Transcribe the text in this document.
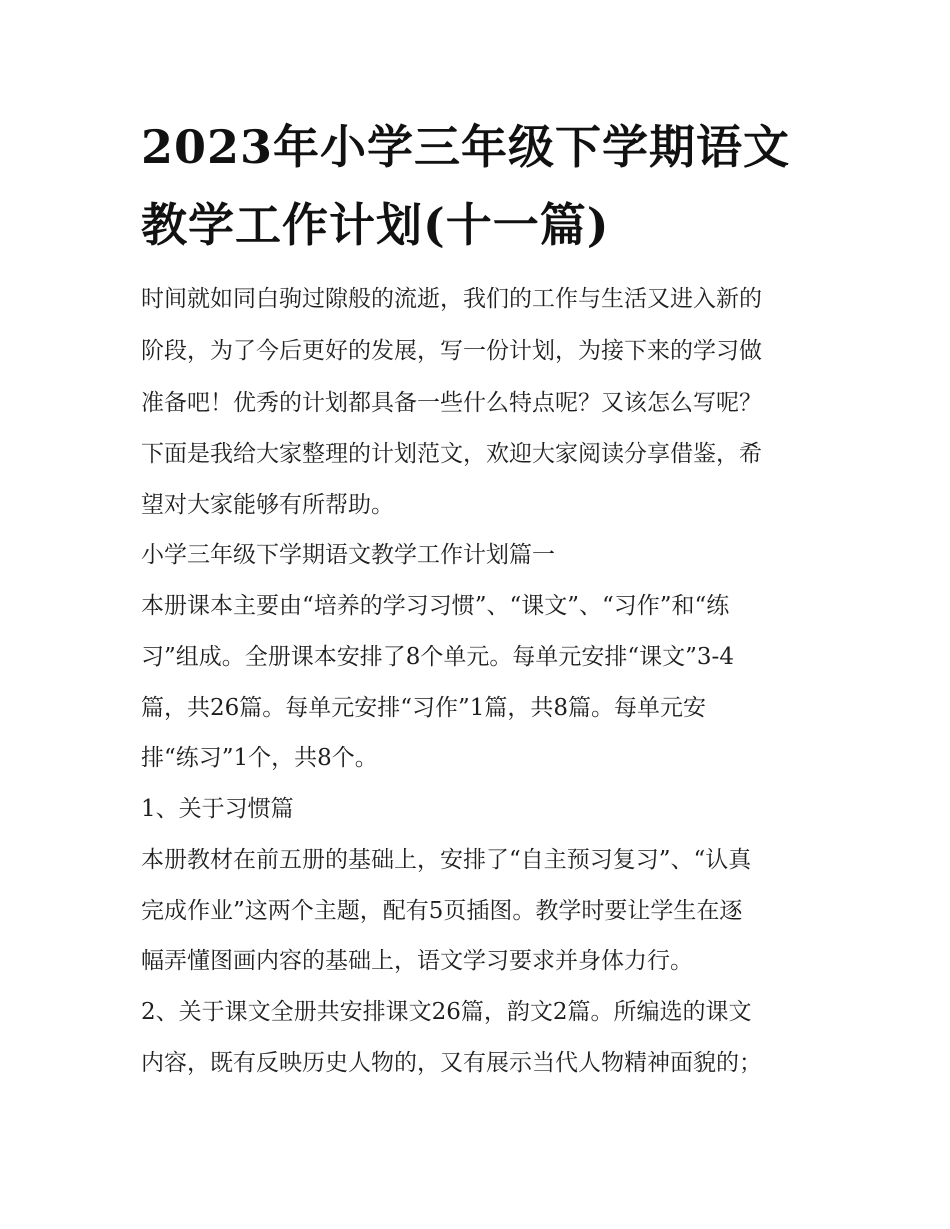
2023年小学三年级下学期语文
教学工作计划(十一篇)

时间就如同白驹过隙般的流逝，我们的工作与生活又进入新的

阶段，为了今后更好的发展，写一份计划，为接下来的学习做

准备吧！优秀的计划都具备一些什么特点呢？又该怎么写呢？

下面是我给大家整理的计划范文，欢迎大家阅读分享借鉴，希

望对大家能够有所帮助。

小学三年级下学期语文教学工作计划篇一

本册课本主要由“培养的学习习惯”、“课文”、“习作”和“练

习”组成。全册课本安排了8个单元。每单元安排“课文”3-4

篇，共26篇。每单元安排“习作”1篇，共8篇。每单元安

排“练习”1个，共8个。

1、关于习惯篇

本册教材在前五册的基础上，安排了“自主预习复习”、“认真

完成作业”这两个主题，配有5页插图。教学时要让学生在逐

幅弄懂图画内容的基础上，语文学习要求并身体力行。

2、关于课文全册共安排课文26篇，韵文2篇。所编选的课文

内容，既有反映历史人物的，又有展示当代人物精神面貌的；
